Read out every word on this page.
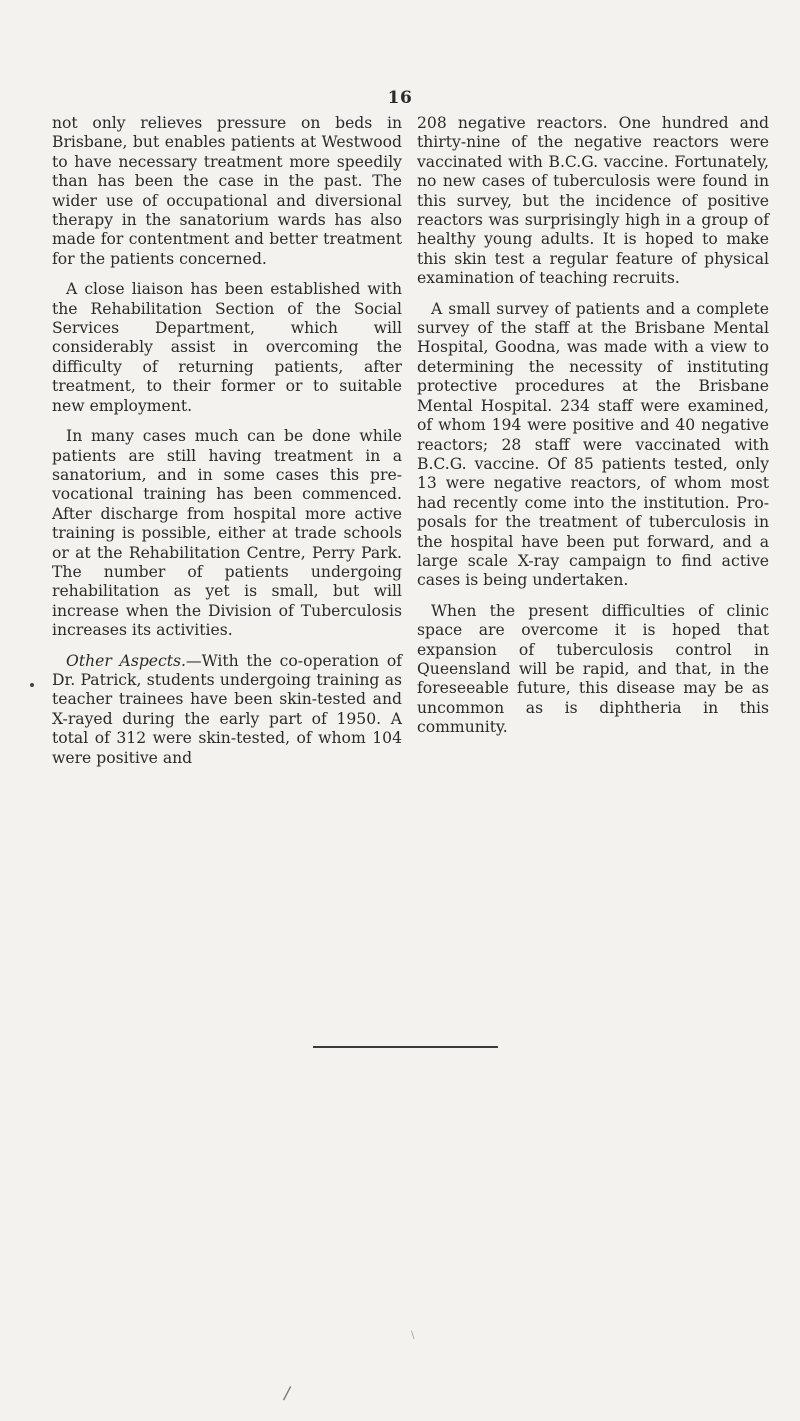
16

not only relieves pressure on beds in Brisbane, but enables patients at Westwood to have necessary treatment more speedily than has been the case in the past. The wider use of occupational and diversional therapy in the sanatorium wards has also made for contentment and better treatment for the patients concerned.

A close liaison has been established with the Rehabilitation Section of the Social Services Department, which will considerably assist in overcoming the difficulty of returning patients, after treatment, to their former or to suitable new employment.

In many cases much can be done while patients are still having treatment in a sanatorium, and in some cases this pre-vocational training has been commenced. After discharge from hospital more active training is possible, either at trade schools or at the Rehabilitation Centre, Perry Park. The number of patients undergoing rehabilitation as yet is small, but will increase when the Division of Tuberculosis increases its activities.

Other Aspects.—With the co-operation of Dr. Patrick, students undergoing training as teacher trainees have been skin-tested and X-rayed during the early part of 1950. A total of 312 were skin-tested, of whom 104 were positive and

208 negative reactors. One hundred and thirty-nine of the negative reactors were vaccinated with B.C.G. vaccine. Fortunately, no new cases of tuberculosis were found in this survey, but the incidence of positive reactors was surprisingly high in a group of healthy young adults. It is hoped to make this skin test a regular feature of physical examination of teaching recruits.

A small survey of patients and a complete survey of the staff at the Brisbane Mental Hospital, Goodna, was made with a view to determining the necessity of instituting protective procedures at the Brisbane Mental Hospital. 234 staff were examined, of whom 194 were positive and 40 negative reactors; 28 staff were vaccinated with B.C.G. vaccine. Of 85 patients tested, only 13 were negative reactors, of whom most had recently come into the institution. Proposals for the treatment of tuberculosis in the hospital have been put forward, and a large scale X-ray campaign to find active cases is being undertaken.

When the present difficulties of clinic space are overcome it is hoped that expansion of tuberculosis control in Queensland will be rapid, and that, in the foreseeable future, this disease may be as uncommon as is diphtheria in this community.

\
/
